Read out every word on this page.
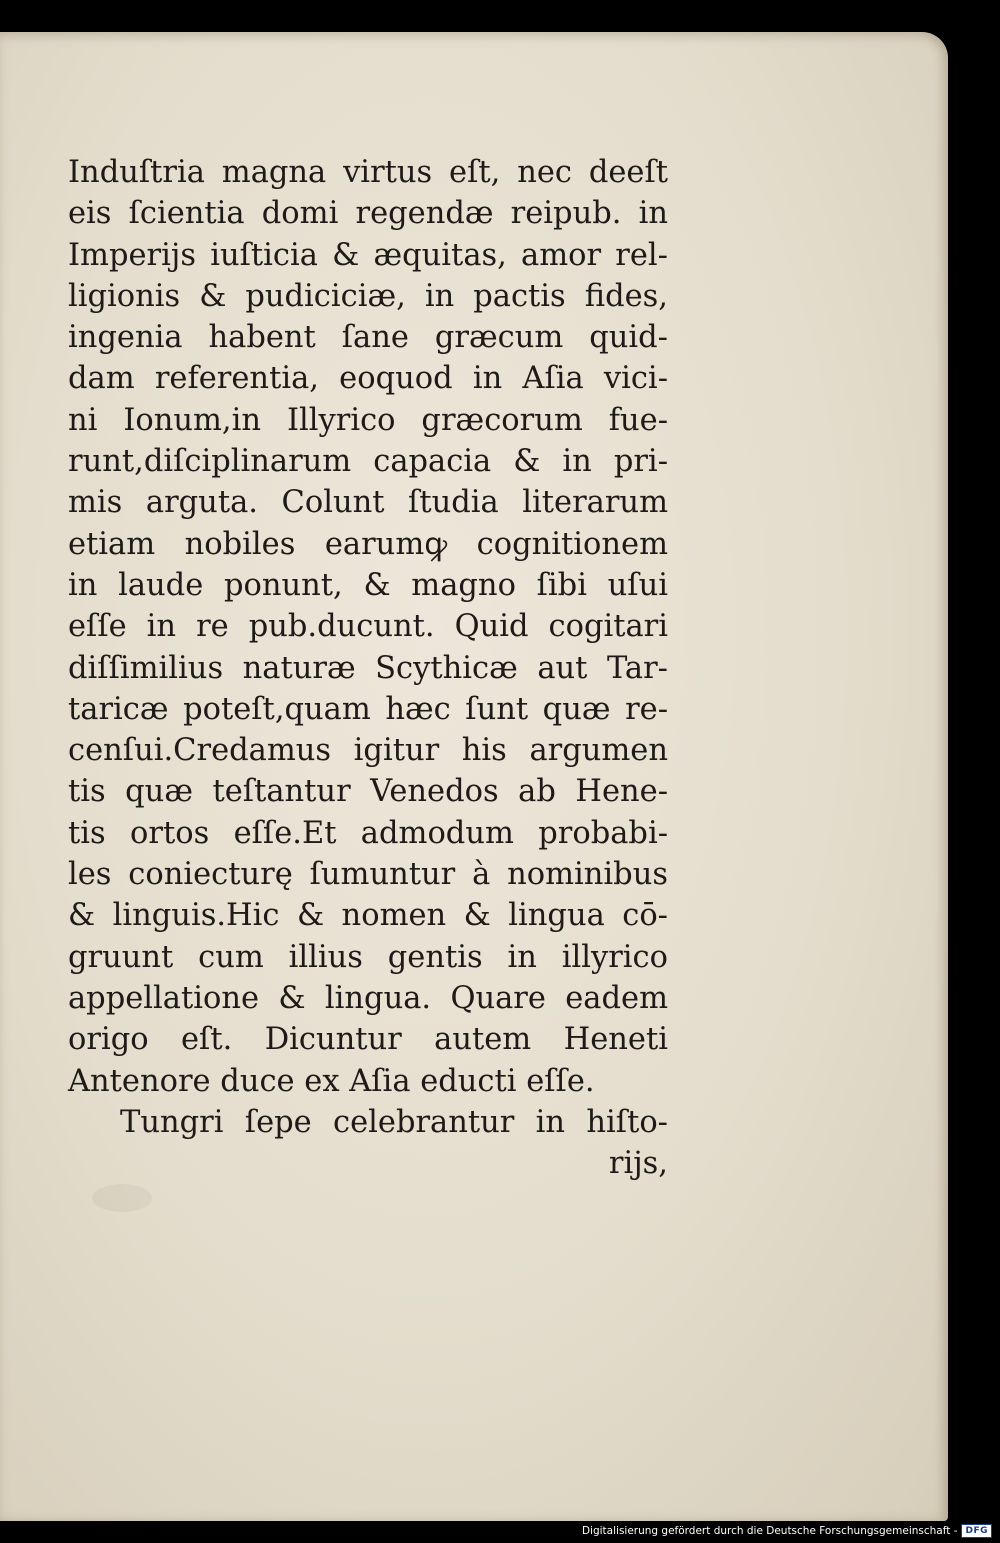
Induſtria magna virtus eſt, nec deeſt
eis ſcientia domi regendæ reipub. in
Imperijs iuſticia & æquitas, amor rel-
ligionis & pudiciciæ, in pactis fides,
ingenia habent ſane græcum quid-
dam referentia, eoquod in Aſia vici-
ni Ionum,in Illyrico græcorum fue-
runt,diſciplinarum capacia & in pri-
mis arguta. Colunt ſtudia literarum
etiam nobiles earumꝙ cognitionem
in laude ponunt, & magno ſibi uſui
eſſe in re pub.ducunt. Quid cogitari
diſſimilius naturæ Scythicæ aut Tar-
taricæ poteſt,quam hæc ſunt quæ re-
cenſui.Credamus igitur his argumen
tis quæ teſtantur Venedos ab Hene-
tis ortos eſſe.Et admodum probabi-
les coniecturę ſumuntur à nominibus
& linguis.Hic & nomen & lingua cō-
gruunt cum illius gentis in illyrico
appellatione & lingua. Quare eadem
origo eſt. Dicuntur autem Heneti
Antenore duce ex Aſia educti eſſe.
Tungri ſepe celebrantur in hiſto-
rijs,
Digitalisierung gefördert durch die Deutsche Forschungsgemeinschaft - DFG
